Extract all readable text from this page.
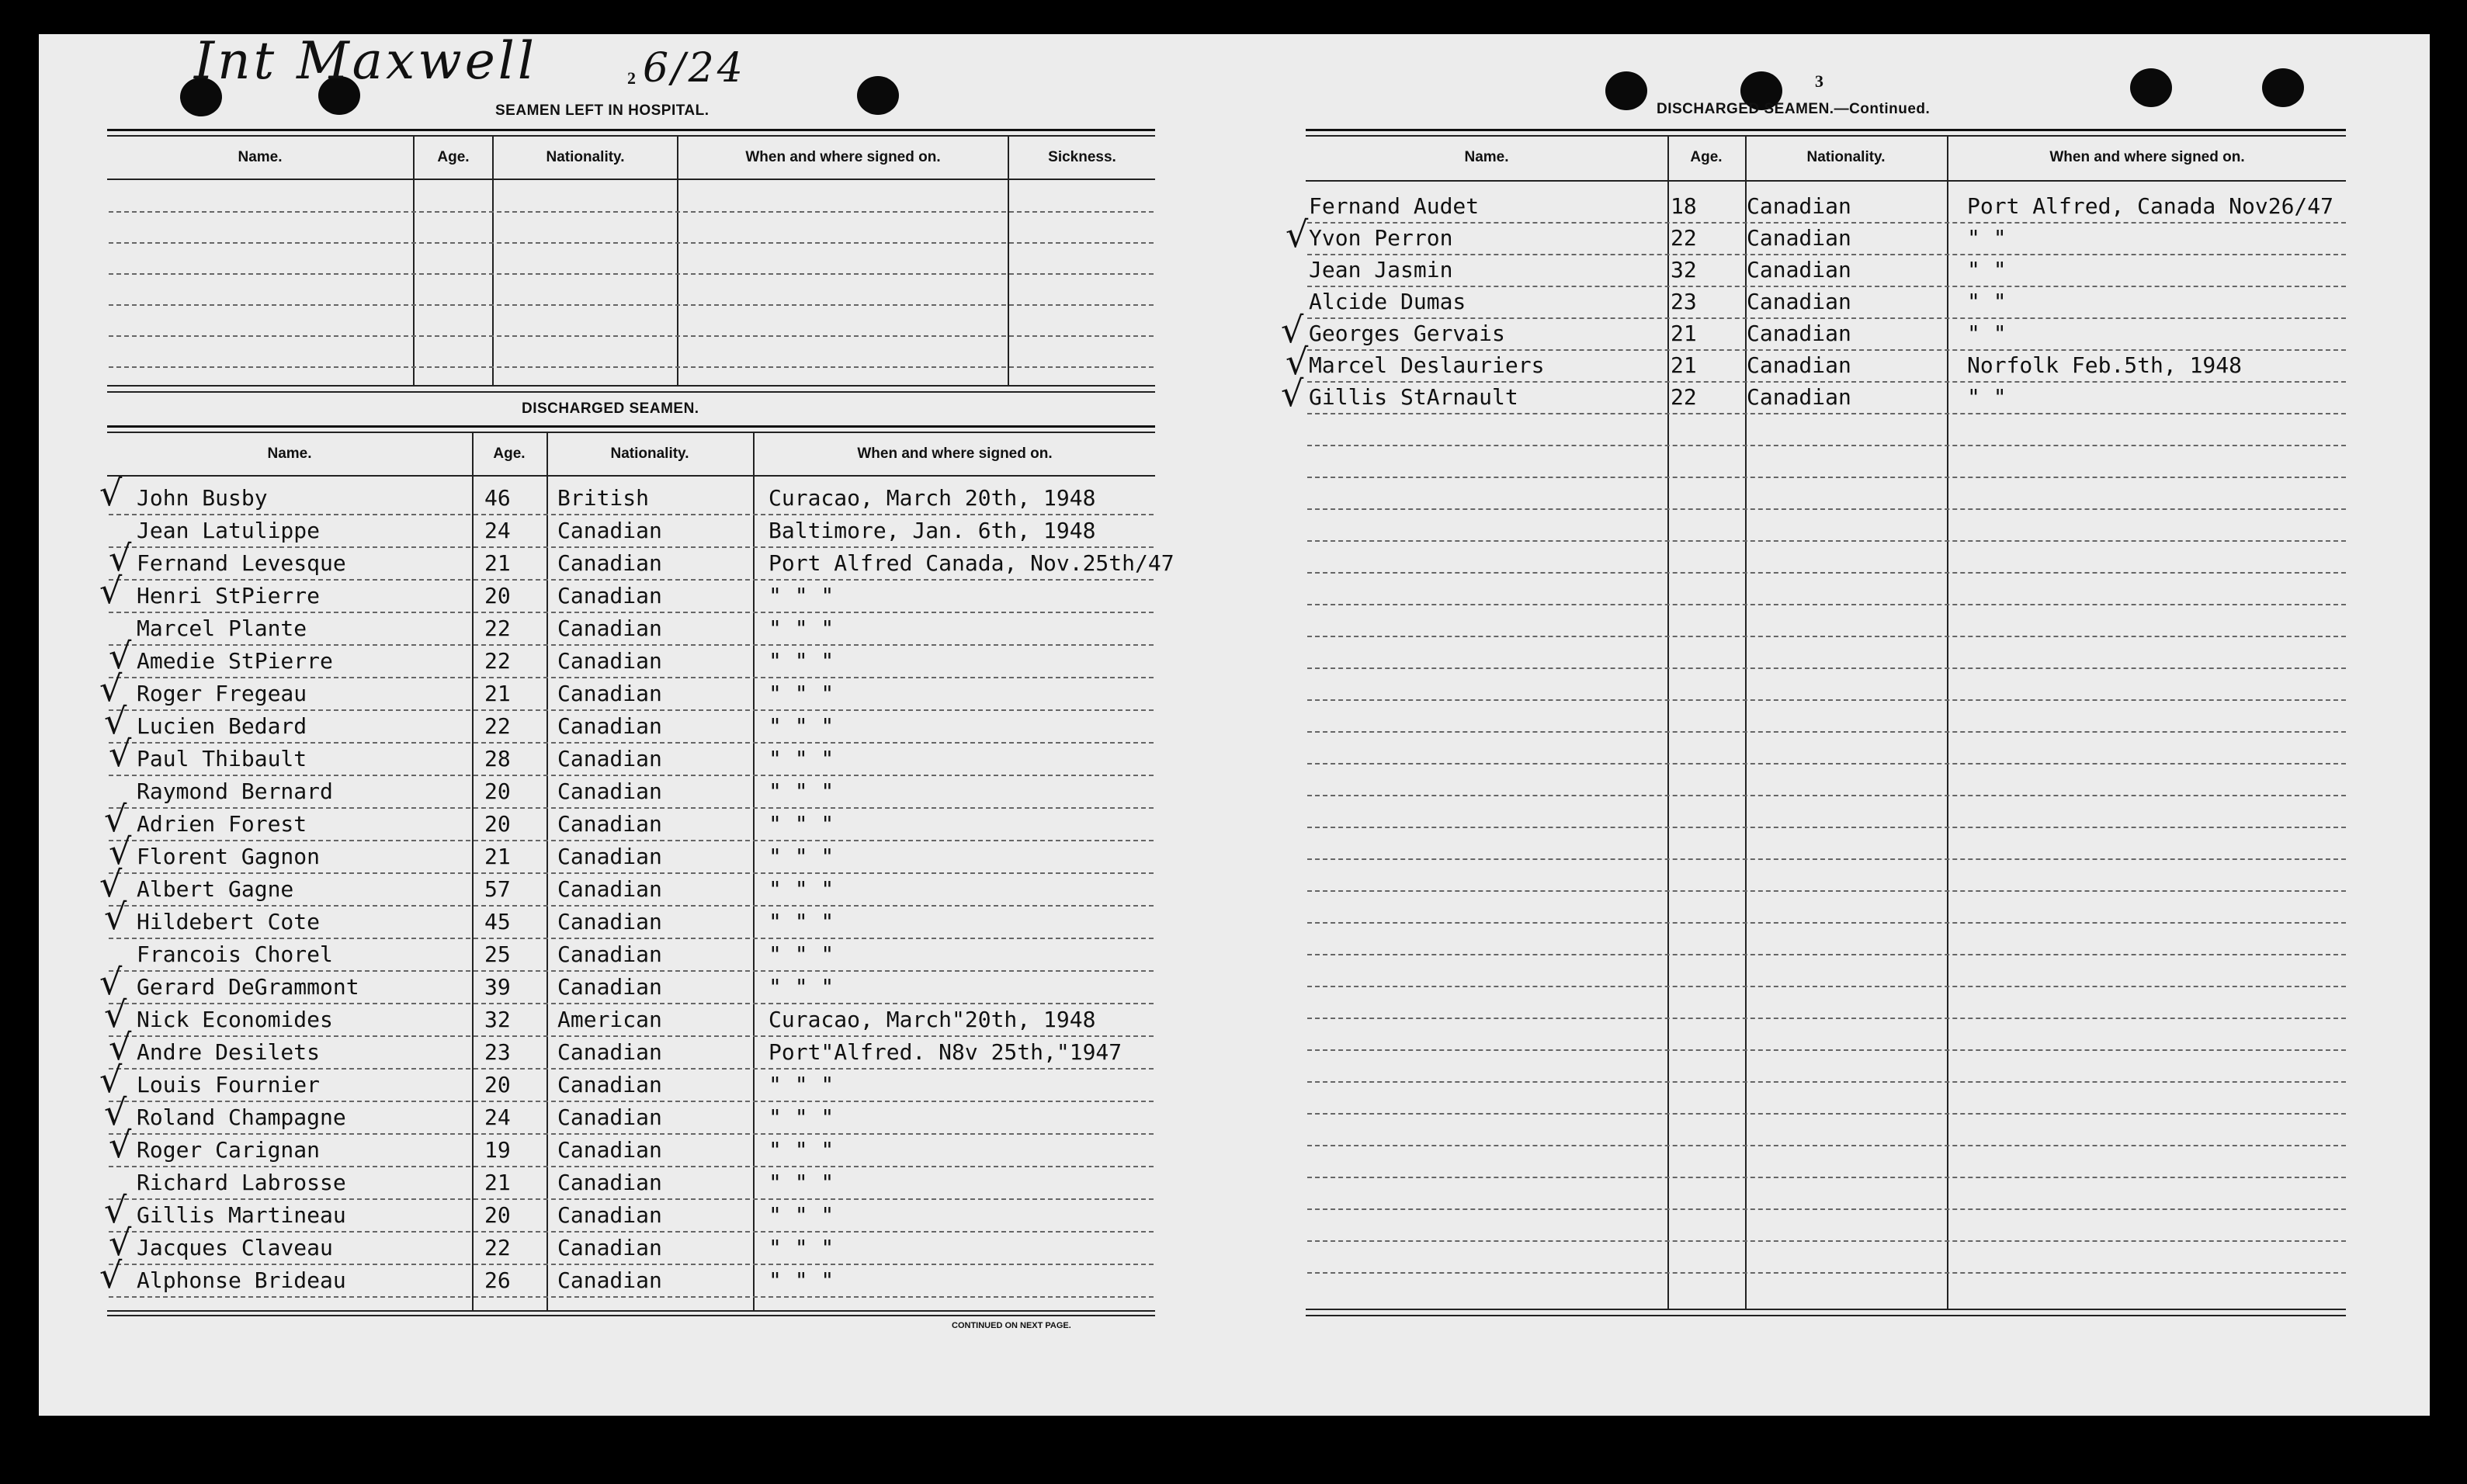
Int Maxwell	2 6/24
SEAMEN LEFT IN HOSPITAL.
Name.	Age.	Nationality.	When and where signed on.	Sickness.
DISCHARGED SEAMEN.
Name.	Age.	Nationality.	When and where signed on.
CONTINUED ON NEXT PAGE.
3
DISCHARGED SEAMEN.—Continued.
Name.	Age.	Nationality.	When and where signed on.
John Busby	46 British	Curacao, March 20th, 1948
√
Jean Latulippe	24 Canadian	Baltimore, Jan. 6th, 1948
Fernand Levesque	21 Canadian	Port Alfred Canada, Nov.25th/47
√
Henri StPierre	20 Canadian	" " "
√
Marcel Plante	22 Canadian	" " "
Amedie StPierre	22 Canadian	" " "
√
Roger Fregeau	21 Canadian	" " "
√
Lucien Bedard	22 Canadian	" " "
√
Paul Thibault	28 Canadian	" " "
√
Raymond Bernard	20 Canadian	" " "
Adrien Forest	20 Canadian	" " "
√
Florent Gagnon	21 Canadian	" " "
√
Albert Gagne	57 Canadian	" " "
√
Hildebert Cote	45 Canadian	" " "
√
Francois Chorel	25 Canadian	" " "
Gerard DeGrammont	39 Canadian	" " "
√
Nick Economides	32 American	Curacao, March"20th, 1948
√
Andre Desilets	23 Canadian	Port"Alfred. N8v 25th,"1947
√
Louis Fournier	20 Canadian	" " "
√
Roland Champagne	24 Canadian	" " "
√
Roger Carignan	19 Canadian	" " "
√
Richard Labrosse	21 Canadian	" " "
Gillis Martineau	20 Canadian	" " "
√
Jacques Claveau	22 Canadian	" " "
√
Alphonse Brideau	26 Canadian	" " "
√
Fernand Audet	18 Canadian	Port Alfred, Canada Nov26/47
Yvon Perron	22 Canadian	" "
√
Jean Jasmin	32 Canadian	" "
Alcide Dumas	23 Canadian	" "
Georges Gervais	21 Canadian	" "
√
Marcel Deslauriers	21 Canadian	Norfolk Feb.5th, 1948
√
Gillis StArnault	22 Canadian	" "
√
